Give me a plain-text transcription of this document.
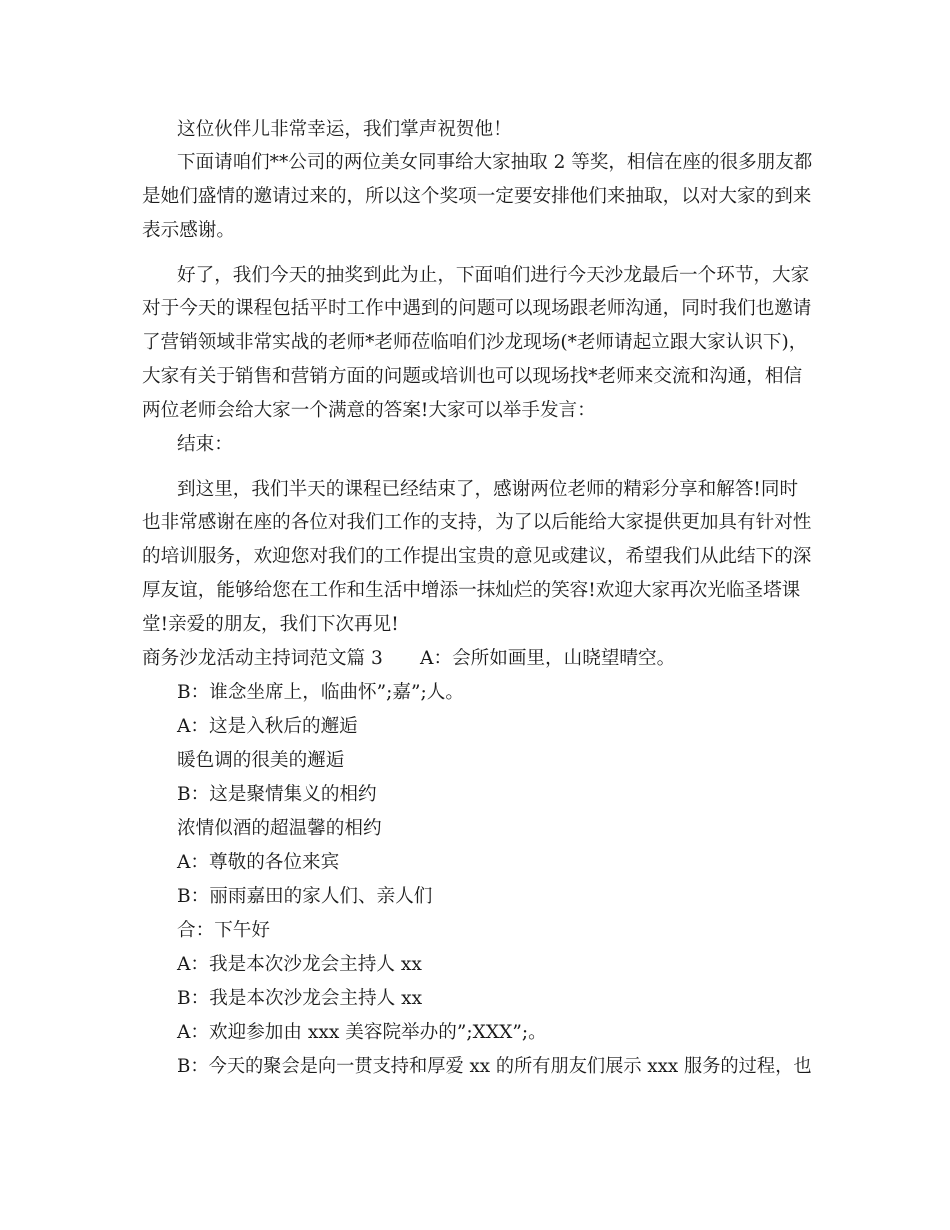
这位伙伴儿非常幸运，我们掌声祝贺他！

下面请咱们**公司的两位美女同事给大家抽取 2 等奖，相信在座的很多朋友都

是她们盛情的邀请过来的，所以这个奖项一定要安排他们来抽取，以对大家的到来

表示感谢。

好了，我们今天的抽奖到此为止，下面咱们进行今天沙龙最后一个环节，大家

对于今天的课程包括平时工作中遇到的问题可以现场跟老师沟通，同时我们也邀请

了营销领域非常实战的老师*老师莅临咱们沙龙现场(*老师请起立跟大家认识下)，

大家有关于销售和营销方面的问题或培训也可以现场找*老师来交流和沟通，相信

两位老师会给大家一个满意的答案!大家可以举手发言：

结束：

到这里，我们半天的课程已经结束了，感谢两位老师的精彩分享和解答!同时

也非常感谢在座的各位对我们工作的支持，为了以后能给大家提供更加具有针对性

的培训服务，欢迎您对我们的工作提出宝贵的意见或建议，希望我们从此结下的深

厚友谊，能够给您在工作和生活中增添一抹灿烂的笑容!欢迎大家再次光临圣塔课

堂!亲爱的朋友，我们下次再见!

商务沙龙活动主持词范文篇 3　　A：会所如画里，山晓望晴空。

B：谁念坐席上，临曲怀”;嘉”;人。

A：这是入秋后的邂逅

暖色调的很美的邂逅

B：这是聚情集义的相约

浓情似酒的超温馨的相约

A：尊敬的各位来宾

B：丽雨嘉田的家人们、亲人们

合：下午好

A：我是本次沙龙会主持人 xx

B：我是本次沙龙会主持人 xx

A：欢迎参加由 xxx 美容院举办的”;XXX”;。

B：今天的聚会是向一贯支持和厚爱 xx 的所有朋友们展示 xxx 服务的过程，也
